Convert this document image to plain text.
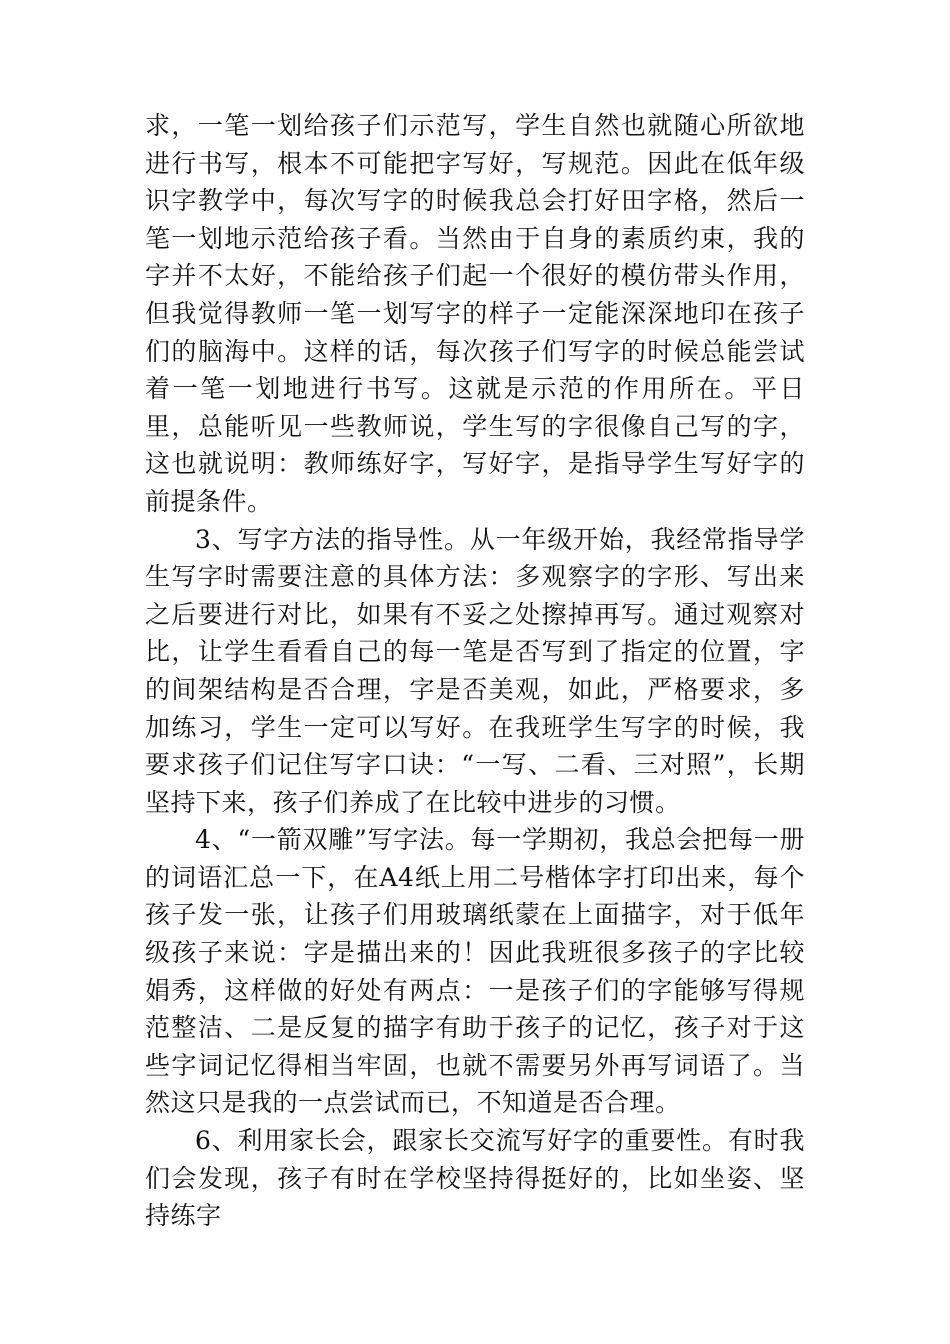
求，一笔一划给孩子们示范写，学生自然也就随心所欲地进行书写，根本不可能把字写好，写规范。因此在低年级识字教学中，每次写字的时候我总会打好田字格，然后一笔一划地示范给孩子看。当然由于自身的素质约束，我的字并不太好，不能给孩子们起一个很好的模仿带头作用，但我觉得教师一笔一划写字的样子一定能深深地印在孩子们的脑海中。这样的话，每次孩子们写字的时候总能尝试着一笔一划地进行书写。这就是示范的作用所在。平日里，总能听见一些教师说，学生写的字很像自己写的字，这也就说明：教师练好字，写好字，是指导学生写好字的前提条件。

3、写字方法的指导性。从一年级开始，我经常指导学生写字时需要注意的具体方法：多观察字的字形、写出来之后要进行对比，如果有不妥之处擦掉再写。通过观察对比，让学生看看自己的每一笔是否写到了指定的位置，字的间架结构是否合理，字是否美观，如此，严格要求，多加练习，学生一定可以写好。在我班学生写字的时候，我要求孩子们记住写字口诀：“一写、二看、三对照”，长期坚持下来，孩子们养成了在比较中进步的习惯。

4、“一箭双雕”写字法。每一学期初，我总会把每一册的词语汇总一下，在A4纸上用二号楷体字打印出来，每个孩子发一张，让孩子们用玻璃纸蒙在上面描字，对于低年级孩子来说：字是描出来的！因此我班很多孩子的字比较娟秀，这样做的好处有两点：一是孩子们的字能够写得规范整洁、二是反复的描字有助于孩子的记忆，孩子对于这些字词记忆得相当牢固，也就不需要另外再写词语了。当然这只是我的一点尝试而已，不知道是否合理。

6、利用家长会，跟家长交流写好字的重要性。有时我们会发现，孩子有时在学校坚持得挺好的，比如坐姿、坚持练字
